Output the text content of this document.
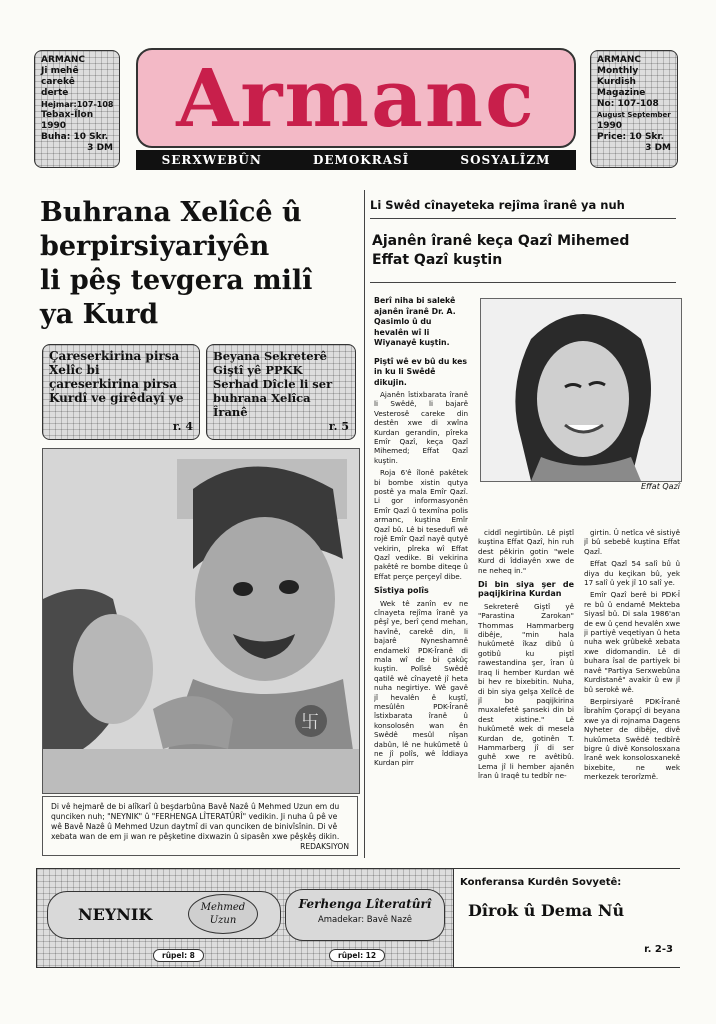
ARMANC
Ji mehê
carekê
derte
Hejmar:107-108
Tebax-Îlon
1990
Buha: 10 Skr.
3 DM
Armanc
SERXWEBÛN	DEMOKRASÎ	SOSYALÎZM
ARMANC
Monthly
Kurdish
Magazine
No: 107-108
August September
1990
Price: 10 Skr.
3 DM
Buhrana Xelîcê û
berpirsiyariyên
li pêş tevgera milî
ya Kurd
Çareserkirina pirsa Xelîc bi çareserkirina pirsa Kurdî ve girêdayî ye
r. 4
Beyana Sekreterê Giştî yê PPKK Serhad Dîcle li ser buhrana Xelîca Îranê
r. 5
卐
Di vê hejmarê de bi alîkarî û beşdarbûna Bavê Nazê û Mehmed Uzun em du qunciken nuh; "NEYNIK" û "FERHENGA LÎTERATÛRÎ" vedikin. Ji nuha û pê ve wê Bavê Nazê û Mehmed Uzun daytmî di van qunciken de binivîsînin. Di vê xebata wan de em ji wan re pêşketine dixwazin û sipasên xwe pêşkêş dikin.
REDAKSIYON
Li Swêd cînayeteka rejîma îranê ya nuh
Ajanên îranê keça Qazî Mihemed
Effat Qazî kuştin
Berî niha bi salekê ajanên îranê Dr. A. Qasimlo û du hevalên wî li Wiyanayê kuştin.
Piştî wê ev bû du kes in ku li Swêdê dikujin.
Effat Qazî

Ajanên îstixbarata îranê li Swêdê, li bajarê Vesterosê careke din destên xwe di xwîna Kurdan gerandin, pîreka Emîr Qazî, keça Qazî Mihemed; Effat Qazî kuştin.

Roja 6'ê îlonê pakêtek bi bombe xistin qutya postê ya mala Emîr Qazî. Li gor informasyonên Emîr Qazî û texmîna polis armanc, kuştina Emîr Qazî bû. Lê bi tesedufî wê rojê Emîr Qazî nayê qutyê vekirin, pîreka wî Effat Qazî vedike. Bi vekirina pakêtê re bombe diteqe û Effat perçe perçeyî dibe.

Sîstiya polîs

Wek tê zanîn ev ne cînayeta rejîma îranê ya pêşî ye, berî çend mehan, havînê, carekê din, li bajarê Nyneshamnê endamekî PDK-Îranê di mala wî de bi çakûç kuştin. Polîsê Swêdê qatilê wê cînayetê jî heta nuha negirtiye. Wê gavê jî hevalên ê kuştî, mesûlên PDK-Îranê îstixbarata îranê û konsolosên wan ên Swêdê mesûl nîşan dabûn, lê ne hukûmetê û ne jî polîs, wê îddiaya Kurdan pirr

ciddî negirtibûn. Lê piştî kuştina Effat Qazî, hin ruh dest pêkirin gotin "wele Kurd di îddiayên xwe de ne neheq in."

Di bin siya şer de paqijkirina Kurdan

Sekreterê Giştî yê "Parastina Zarokan" Thommas Hammarberg dibêje, "min hala hukûmetê îkaz dibû û gotibû ku piştî rawestandina şer, îran û Iraq li hember Kurdan wê bi hev re bixebitin. Nuha, di bin siya gelşa Xelîcê de jî bo paqijkirina muxalefetê şanseki din bi dest xistine." Lê hukûmetê wek di mesela Kurdan de, gotinên T. Hammarberg jî di ser guhê xwe re avêtibû. Lema jî li hember ajanên îran û Iraqê tu tedbîr ne-

girtin. Û netîca vê sistiyê jî bû sebebê kuştina Effat Qazî.

Effat Qazî 54 salî bû û diya du keçikan bû, yek 17 salî û yek jî 10 salî ye.

Emîr Qazî berê bi PDK-Î re bû û endamê Mekteba Siyasî bû. Di sala 1986'an de ew û çend hevalên xwe ji partiyê veqetiyan û heta nuha wek grûbekê xebata xwe didomandin. Lê di buhara îsal de partiyek bi navê "Partiya Serxwebûna Kurdistanê" avakir û ew jî bû serokê wê.

Berpirsiyarê PDK-Îranê Îbrahîm Çorapçî di beyana xwe ya di rojnama Dagens Nyheter de dibêje, divê hukûmeta Swêdê tedbîrê bigre û divê Konsolosxana îranê wek konsolosxanekê bixebite, ne wek merkezek terorîzmê.

NEYNIK	Mehmed
Uzun
rûpel: 8
Ferhenga Lîteratûrî
Amadekar: Bavê Nazê
rûpel: 12
Konferansa Kurdên Sovyetê:
Dîrok û Dema Nû
r. 2-3
